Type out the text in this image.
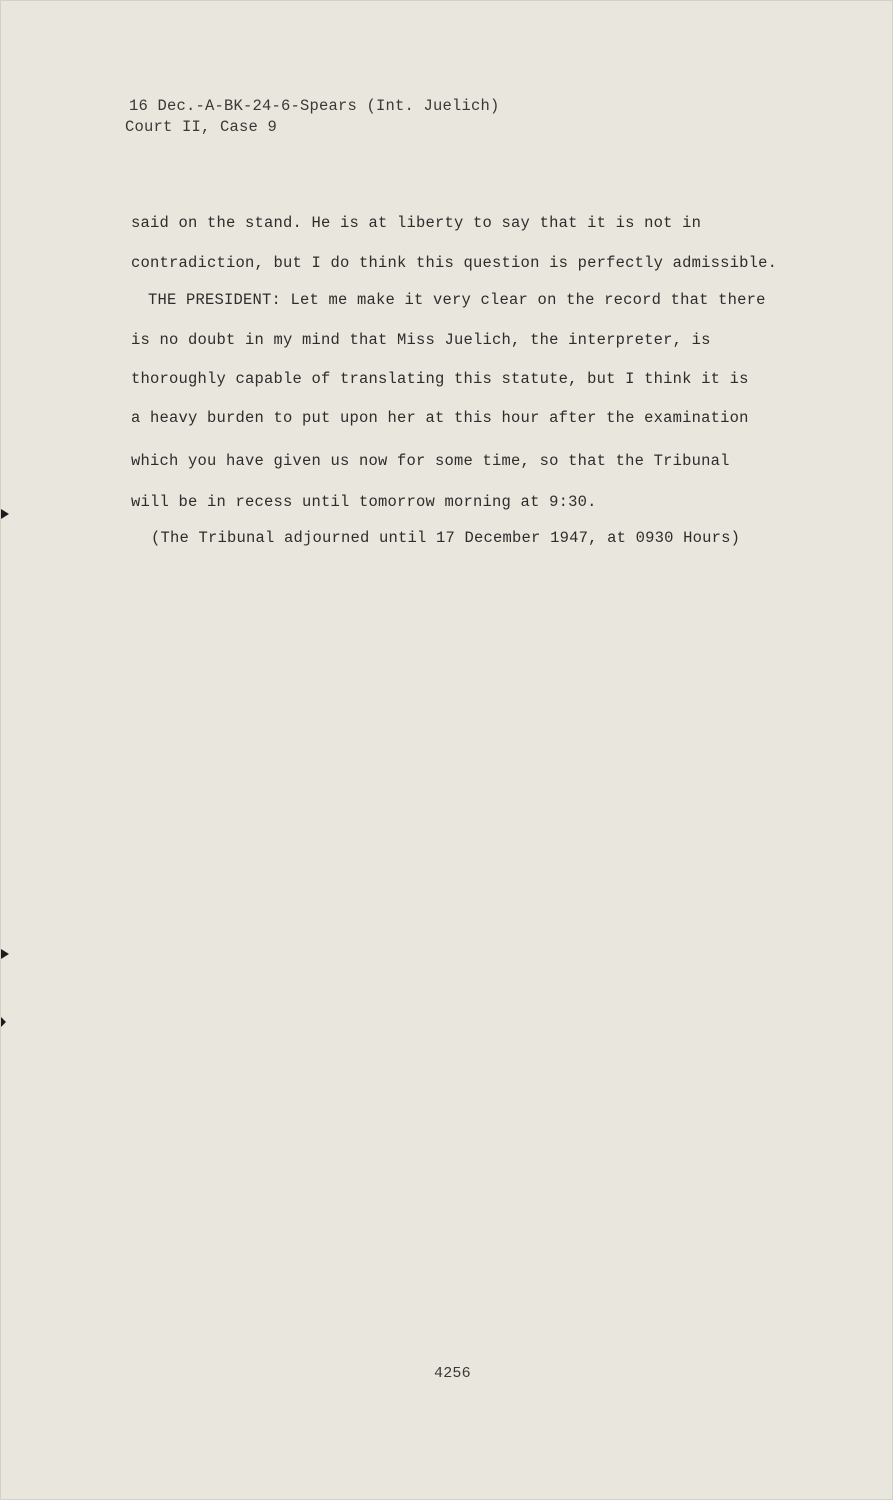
16 Dec.-A-BK-24-6-Spears (Int. Juelich)
Court II, Case 9
said on the stand. He is at liberty to say that it is not in
contradiction, but I do think this question is perfectly admissible.
THE PRESIDENT: Let me make it very clear on the record that there
is no doubt in my mind that Miss Juelich, the interpreter, is
thoroughly capable of translating this statute, but I think it is
a heavy burden to put upon her at this hour after the examination
which you have given us now for some time, so that the Tribunal
will be in recess until tomorrow morning at 9:30.
(The Tribunal adjourned until 17 December 1947, at 0930 Hours)
4256
